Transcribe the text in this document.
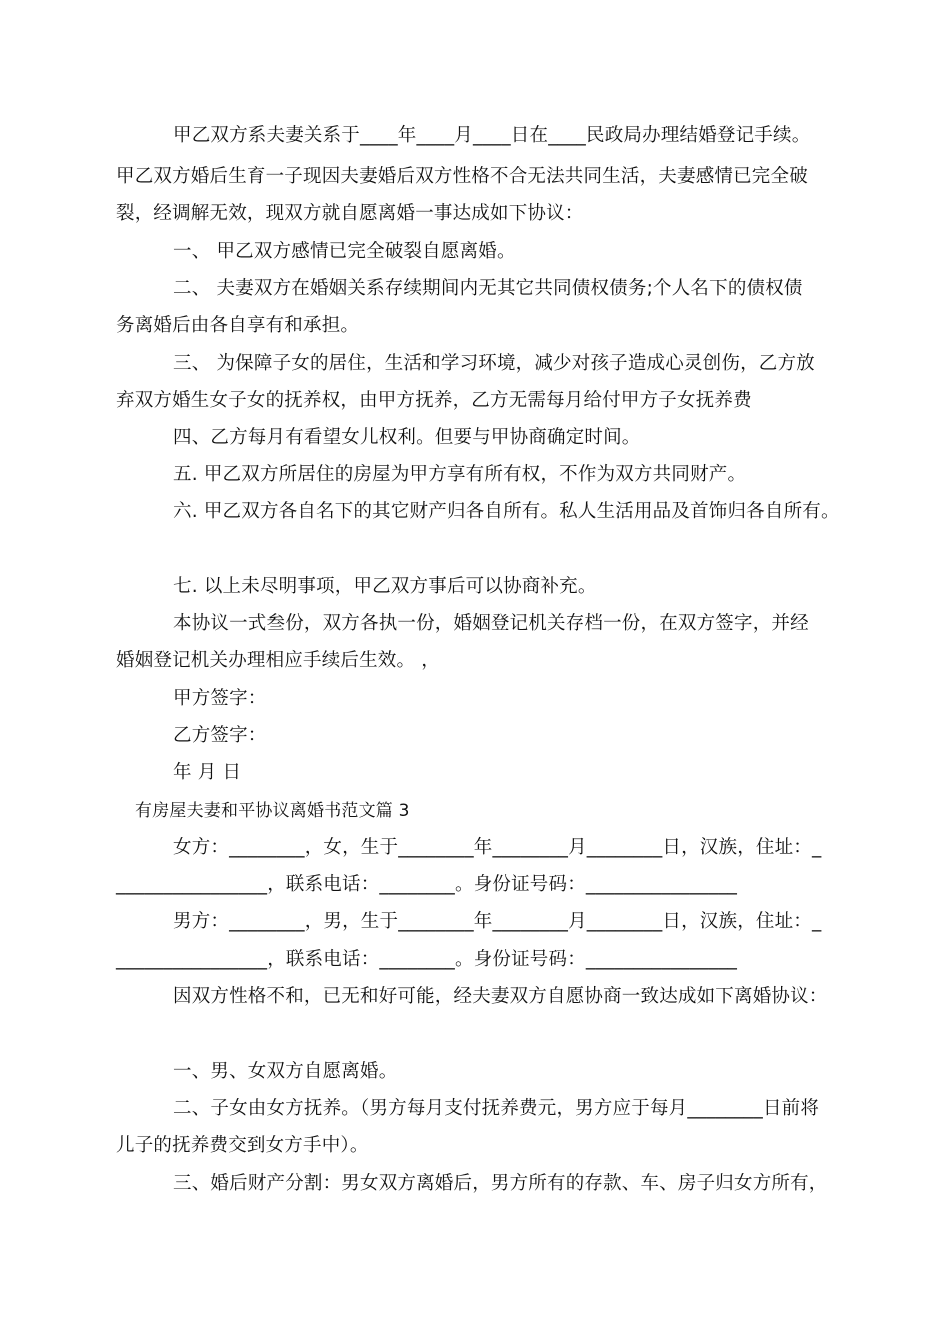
甲乙双方系夫妻关系于____年____月____日在____民政局办理结婚登记手续。
甲乙双方婚后生育一子现因夫妻婚后双方性格不合无法共同生活，夫妻感情已完全破
裂，经调解无效，现双方就自愿离婚一事达成如下协议：
一、 甲乙双方感情已完全破裂自愿离婚。
二、 夫妻双方在婚姻关系存续期间内无其它共同债权债务;个人名下的债权债
务离婚后由各自享有和承担。
三、 为保障子女的居住，生活和学习环境，减少对孩子造成心灵创伤，乙方放
弃双方婚生女子女的抚养权，由甲方抚养，乙方无需每月给付甲方子女抚养费
四、乙方每月有看望女儿权利。但要与甲协商确定时间。
五. 甲乙双方所居住的房屋为甲方享有所有权，不作为双方共同财产。
六. 甲乙双方各自名下的其它财产归各自所有。私人生活用品及首饰归各自所有。
七. 以上未尽明事项，甲乙双方事后可以协商补充。
本协议一式叁份，双方各执一份，婚姻登记机关存档一份，在双方签字，并经
婚姻登记机关办理相应手续后生效。 ，
甲方签字：
乙方签字：
年 月 日
有房屋夫妻和平协议离婚书范文篇 3
女方：________，女，生于________年________月________日，汉族，住址：_
________________，联系电话：________。身份证号码：________________
男方：________，男，生于________年________月________日，汉族，住址：_
________________，联系电话：________。身份证号码：________________
因双方性格不和，已无和好可能，经夫妻双方自愿协商一致达成如下离婚协议：
一、男、女双方自愿离婚。
二、子女由女方抚养。（男方每月支付抚养费元，男方应于每月________日前将
儿子的抚养费交到女方手中）。
三、婚后财产分割：男女双方离婚后，男方所有的存款、车、房子归女方所有，
